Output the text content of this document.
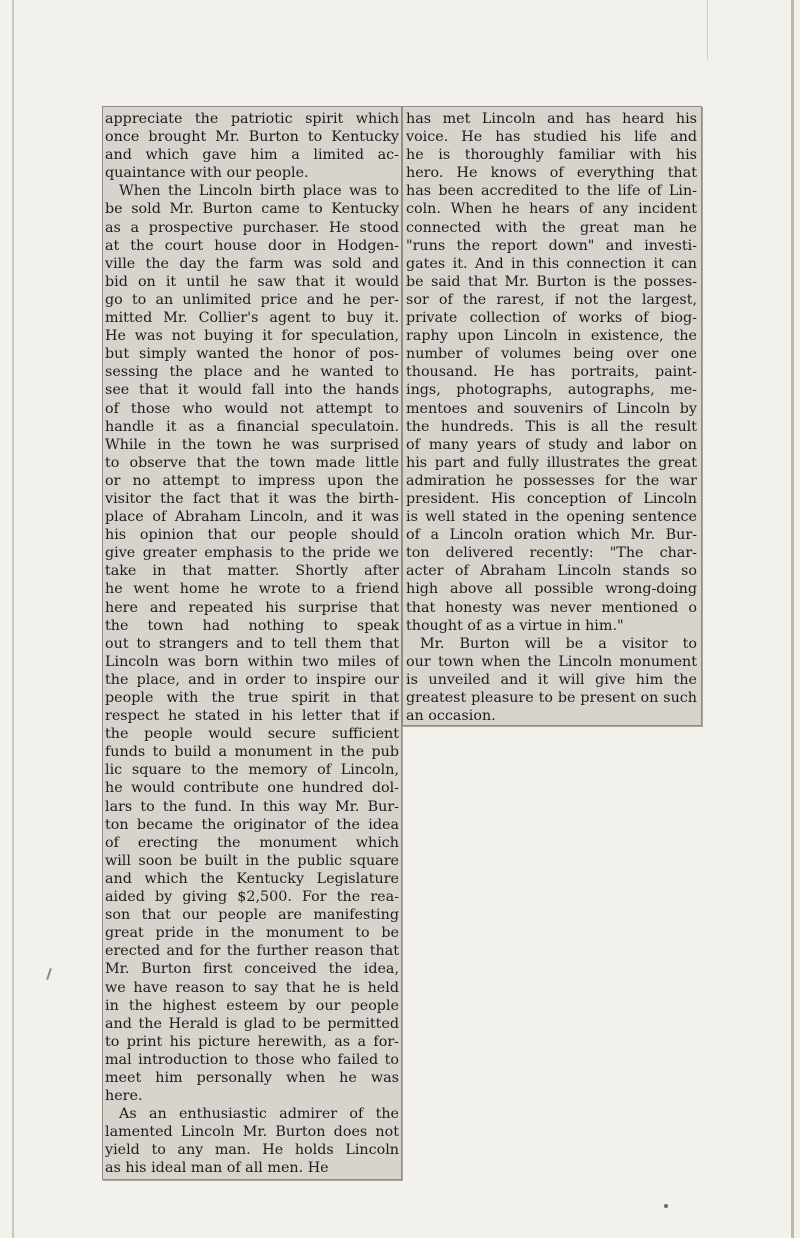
appreciate the patriotic spirit which
once brought Mr. Burton to Kentucky
and which gave him a limited ac-
quaintance with our people.
When the Lincoln birth place was to
be sold Mr. Burton came to Kentucky
as a prospective purchaser. He stood
at the court house door in Hodgen-
ville the day the farm was sold and
bid on it until he saw that it would
go to an unlimited price and he per-
mitted Mr. Collier's agent to buy it.
He was not buying it for speculation,
but simply wanted the honor of pos-
sessing the place and he wanted to
see that it would fall into the hands
of those who would not attempt to
handle it as a financial speculatoin.
While in the town he was surprised
to observe that the town made little
or no attempt to impress upon the
visitor the fact that it was the birth-
place of Abraham Lincoln, and it was
his opinion that our people should
give greater emphasis to the pride we
take in that matter. Shortly after
he went home he wrote to a friend
here and repeated his surprise that
the town had nothing to speak
out to strangers and to tell them that
Lincoln was born within two miles of
the place, and in order to inspire our
people with the true spirit in that
respect he stated in his letter that if
the people would secure sufficient
funds to build a monument in the pub
lic square to the memory of Lincoln,
he would contribute one hundred dol-
lars to the fund. In this way Mr. Bur-
ton became the originator of the idea
of erecting the monument which
will soon be built in the public square
and which the Kentucky Legislature
aided by giving $2,500. For the rea-
son that our people are manifesting
great pride in the monument to be
erected and for the further reason that
Mr. Burton first conceived the idea,
we have reason to say that he is held
in the highest esteem by our people
and the Herald is glad to be permitted
to print his picture herewith, as a for-
mal introduction to those who failed to
meet him personally when he was
here.
As an enthusiastic admirer of the
lamented Lincoln Mr. Burton does not
yield to any man. He holds Lincoln
as his ideal man of all men. He
has met Lincoln and has heard his
voice. He has studied his life and
he is thoroughly familiar with his
hero. He knows of everything that
has been accredited to the life of Lin-
coln. When he hears of any incident
connected with the great man he
"runs the report down" and investi-
gates it. And in this connection it can
be said that Mr. Burton is the posses-
sor of the rarest, if not the largest,
private collection of works of biog-
raphy upon Lincoln in existence, the
number of volumes being over one
thousand. He has portraits, paint-
ings, photographs, autographs, me-
mentoes and souvenirs of Lincoln by
the hundreds. This is all the result
of many years of study and labor on
his part and fully illustrates the great
admiration he possesses for the war
president. His conception of Lincoln
is well stated in the opening sentence
of a Lincoln oration which Mr. Bur-
ton delivered recently: "The char-
acter of Abraham Lincoln stands so
high above all possible wrong-doing
that honesty was never mentioned o
thought of as a virtue in him."
Mr. Burton will be a visitor to
our town when the Lincoln monument
is unveiled and it will give him the
greatest pleasure to be present on such
an occasion.
